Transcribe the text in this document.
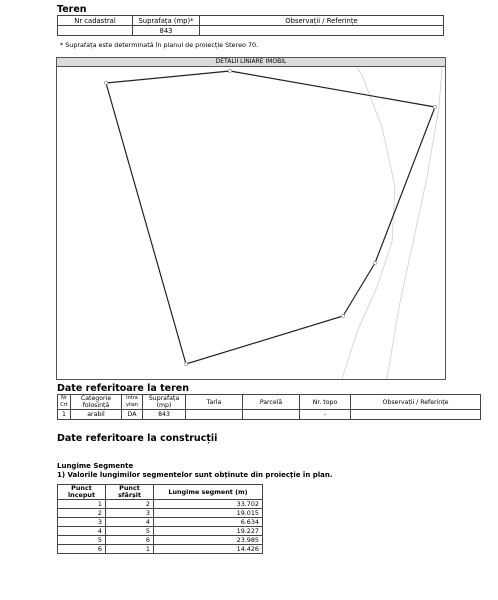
Teren
Nr cadastral	Suprafața (mp)*	Observații / Referințe
	843	
* Suprafața este determinată în planul de proiecție Stereo 70.
DETALII LINIARE IMOBIL
Date referitoare la teren
Nr Crt	Categorie folosință	Intra vilan	Suprafața (mp)	Tarla	Parcelă	Nr. topo	Observații / Referințe
1	arabil	DA	843			-	
Date referitoare la construcții
Lungime Segmente
1) Valorile lungimilor segmentelor sunt obținute din proiecție în plan.
Punct început	Punct sfârșit	Lungime segment (m)
1	2	33.702
2	3	19.015
3	4	6.634
4	5	19.227
5	6	23.985
6	1	14.426
